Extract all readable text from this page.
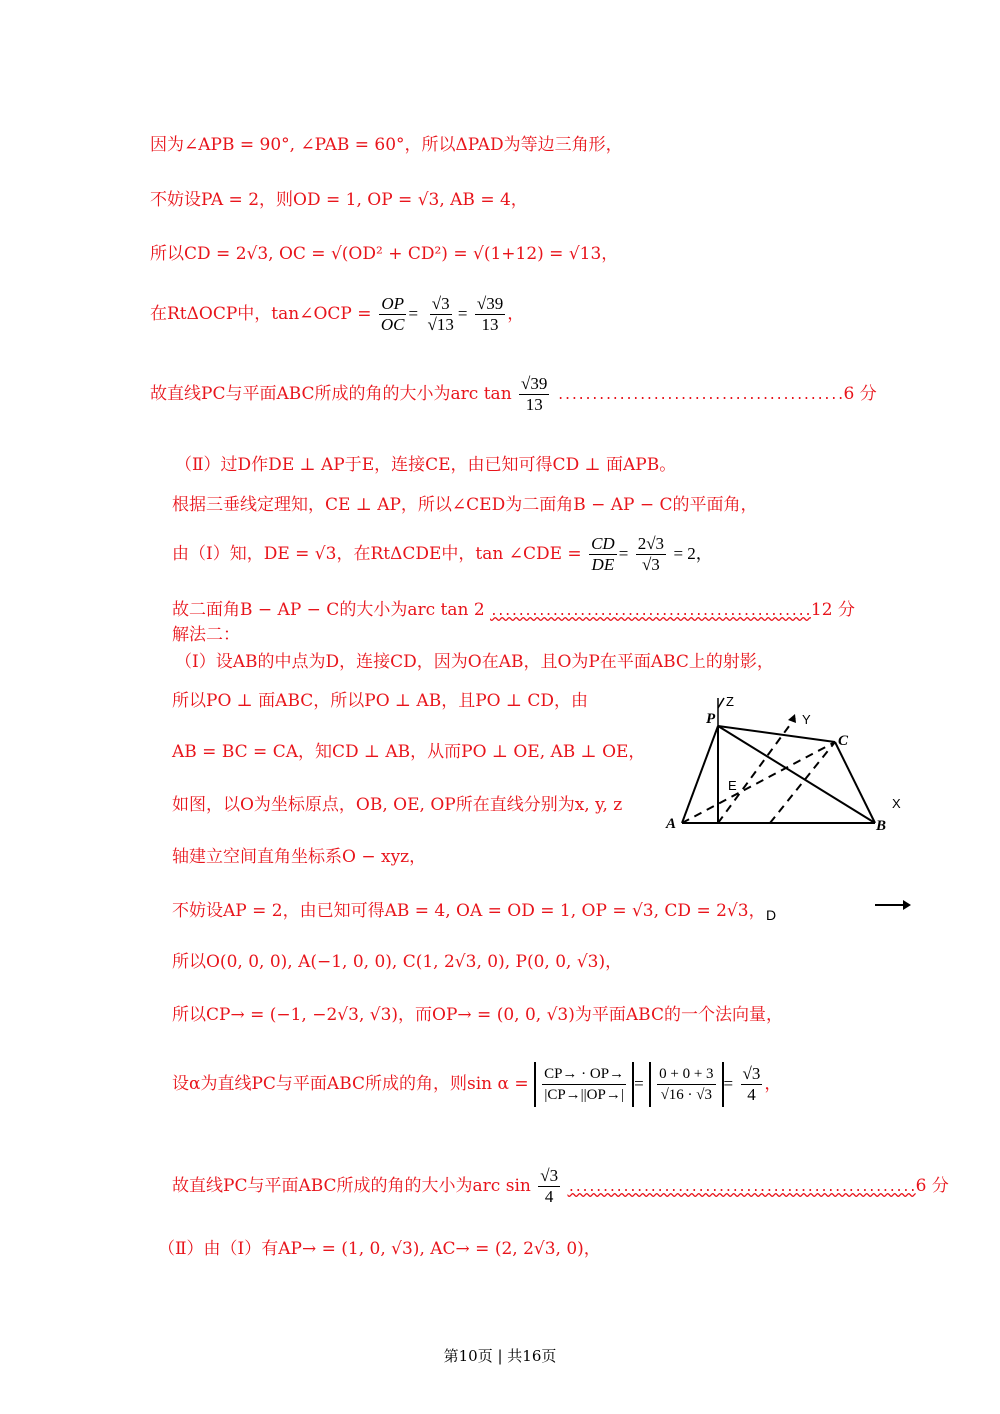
因为∠APB = 90°, ∠PAB = 60°，所以ΔPAD为等边三角形，
不妨设PA = 2，则OD = 1, OP = √3, AB = 4，
所以CD = 2√3, OC = √(OD² + CD²) = √(1+12) = √13，
在RtΔOCP中，tan∠OCP = $\frac{OP}{OC} = \frac{√3}{√13} = \frac{√39}{13}$ ，
故直线PC与平面ABC所成的角的大小为arc $\tan \frac{√39}{13} ..........................................6$ 分
（Ⅱ）过D作DE ⊥ AP于E，连接CE，由已知可得CD ⊥ 面APB。
根据三垂线定理知，CE ⊥ AP，所以∠CED为二面角B − AP − C的平面角，
由（Ⅰ）知，DE = √3，在RtΔCDE中，tan ∠CDE = $\frac{CD}{DE} = \frac{2√3}{√3} = 2$，
故二面角B − AP − C的大小为arc tan 2 ...............................................12 分
解法二：
（Ⅰ）设AB的中点为D，连接CD，因为O在AB，且O为P在平面ABC上的射影，
所以PO ⊥ 面ABC，所以PO ⊥ AB，且PO ⊥ CD，由
AB = BC = CA，知CD ⊥ AB，从而PO ⊥ OE, AB ⊥ OE，
如图，以O为坐标原点，OB, OE, OP所在直线分别为x, y, z
轴建立空间直角坐标系O − xyz，
不妨设AP = 2，由已知可得AB = 4, OA = OD = 1, OP = √3, CD = 2√3，
所以O(0, 0, 0), A(−1, 0, 0), C(1, 2√3, 0), P(0, 0, √3)，
所以CP→ = (−1, −2√3, √3)，而OP→ = (0, 0, √3)为平面ABC的一个法向量，
设α为直线PC与平面ABC所成的角，则$\sin \alpha = \frac{CP\to \cdot OP\to}{|CP\to||OP\to|} = \frac{0 + 0 + 3}{√16 \cdot √3} = \frac{√3}{4}$ ，
故直线PC与平面ABC所成的角的大小为arc $\sin \frac{√3}{4} ...................................................6$ 分
（Ⅱ）由（Ⅰ）有AP→ = (1, 0, √3), AC→ = (2, 2√3, 0)，
Z
Y
X
E
P
A	B
C
D
第10页 | 共16页
